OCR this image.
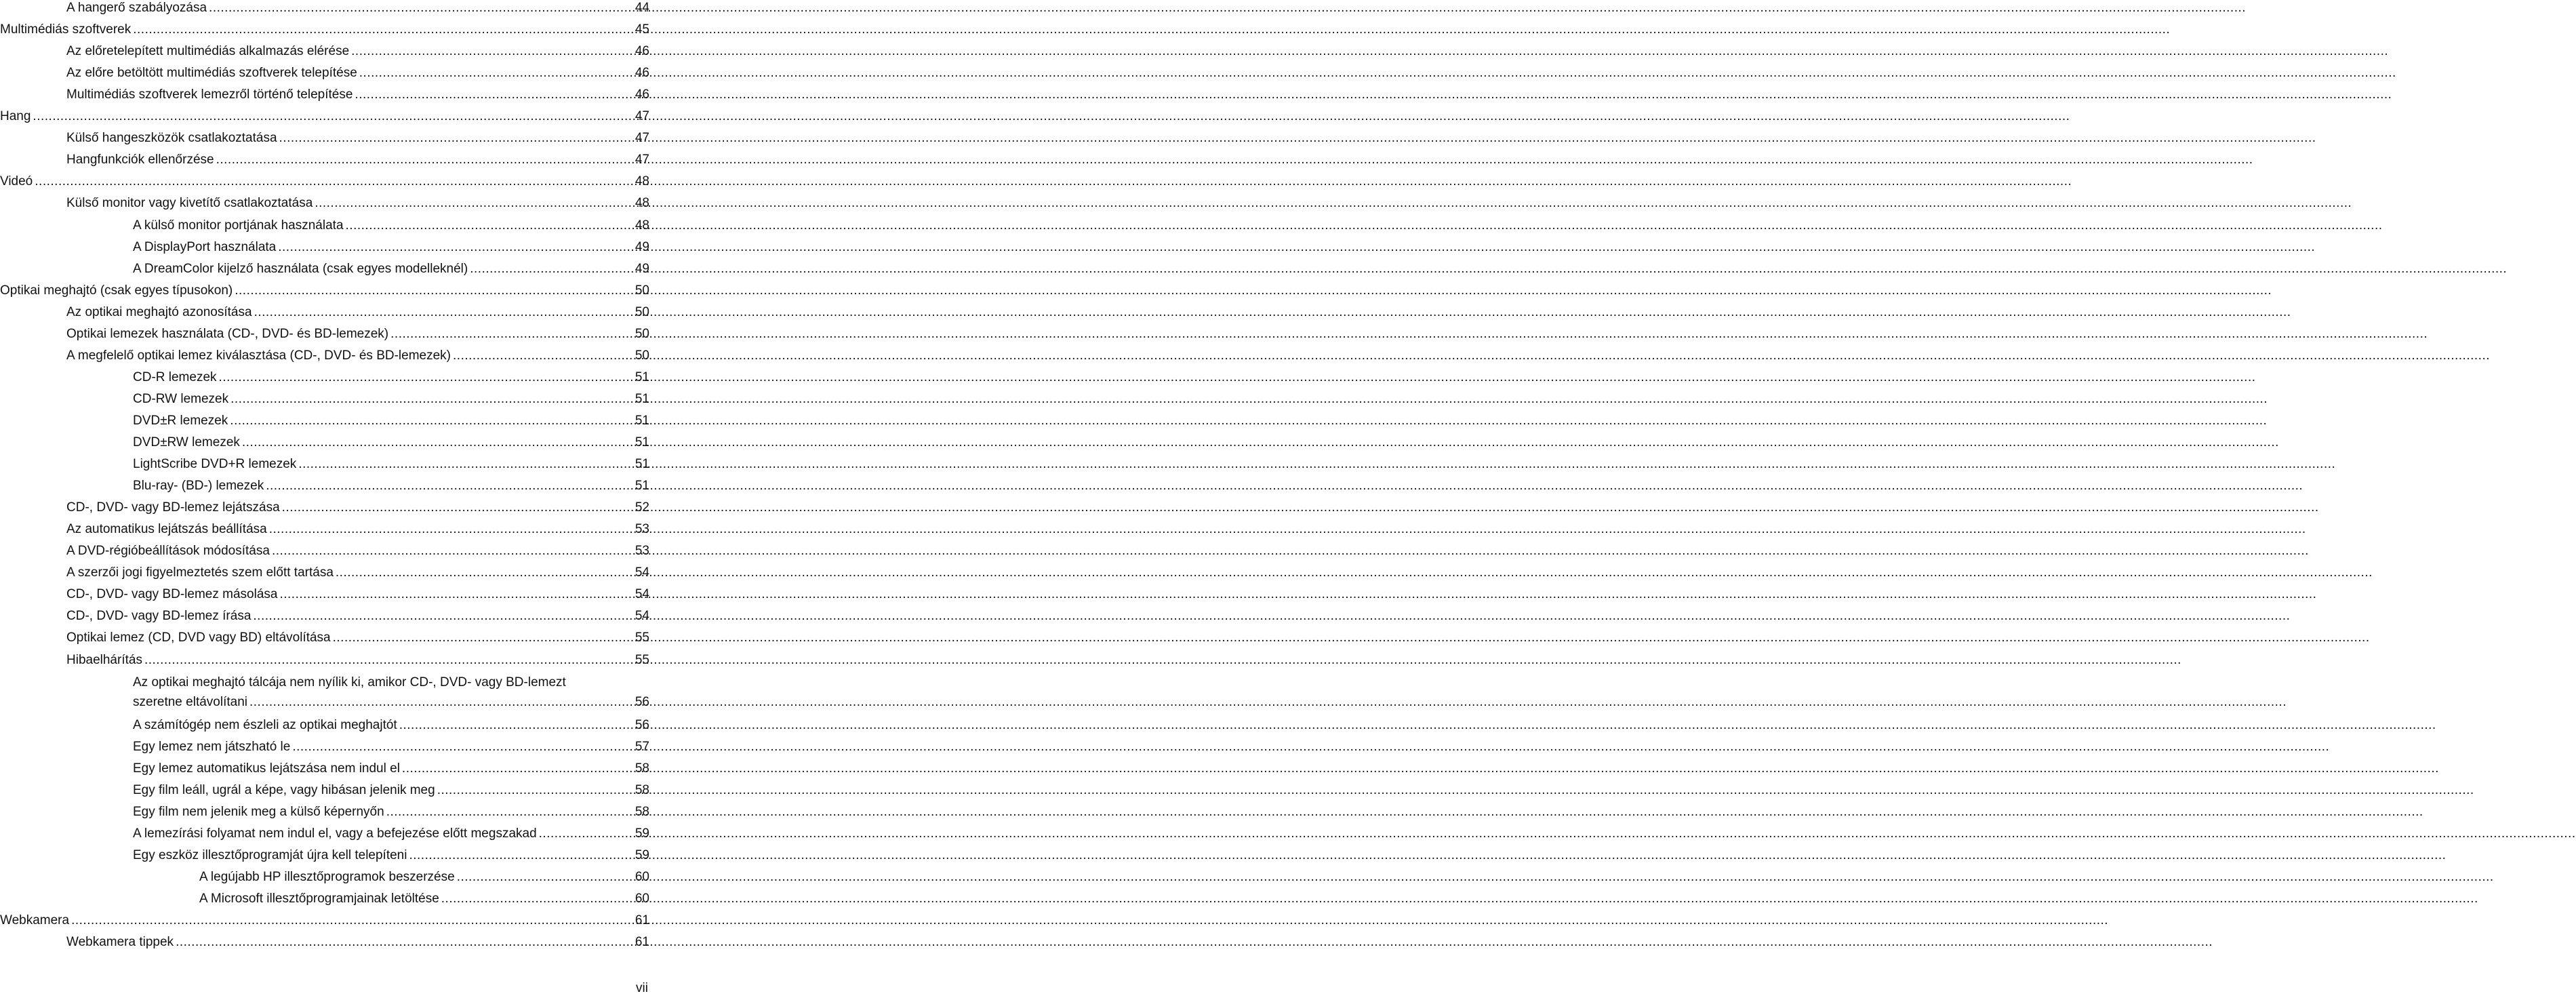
A hangerő szabályozása .....	44
Multimédiás szoftverek .....	45
Az előretelepített multimédiás alkalmazás elérése .....	46
Az előre betöltött multimédiás szoftverek telepítése .....	46
Multimédiás szoftverek lemezről történő telepítése .....	46
Hang .....	47
Külső hangeszközök csatlakoztatása .....	47
Hangfunkciók ellenőrzése .....	47
Videó .....	48
Külső monitor vagy kivetítő csatlakoztatása .....	48
A külső monitor portjának használata .....	48
A DisplayPort használata .....	49
A DreamColor kijelző használata (csak egyes modelleknél) .....	49
Optikai meghajtó (csak egyes típusokon) .....	50
Az optikai meghajtó azonosítása .....	50
Optikai lemezek használata (CD-, DVD- és BD-lemezek) .....	50
A megfelelő optikai lemez kiválasztása (CD-, DVD- és BD-lemezek) .....	50
CD-R lemezek .....	51
CD-RW lemezek .....	51
DVD±R lemezek .....	51
DVD±RW lemezek .....	51
LightScribe DVD+R lemezek .....	51
Blu-ray- (BD-) lemezek .....	51
CD-, DVD- vagy BD-lemez lejátszása .....	52
Az automatikus lejátszás beállítása .....	53
A DVD-régióbeállítások módosítása .....	53
A szerzői jogi figyelmeztetés szem előtt tartása .....	54
CD-, DVD- vagy BD-lemez másolása .....	54
CD-, DVD- vagy BD-lemez írása .....	54
Optikai lemez (CD, DVD vagy BD) eltávolítása .....	55
Hibaelhárítás .....	55
Az optikai meghajtó tálcája nem nyílik ki, amikor CD-, DVD- vagy BD-lemezt
szeretne eltávolítani .....	56
A számítógép nem észleli az optikai meghajtót .....	56
Egy lemez nem játszható le .....	57
Egy lemez automatikus lejátszása nem indul el .....	58
Egy film leáll, ugrál a képe, vagy hibásan jelenik meg .....	58
Egy film nem jelenik meg a külső képernyőn .....	58
A lemezírási folyamat nem indul el, vagy a befejezése előtt megszakad .....	59
Egy eszköz illesztőprogramját újra kell telepíteni .....	59
A legújabb HP illesztőprogramok beszerzése .....	60
A Microsoft illesztőprogramjainak letöltése .....	60
Webkamera .....	61
Webkamera tippek .....	61
vii
